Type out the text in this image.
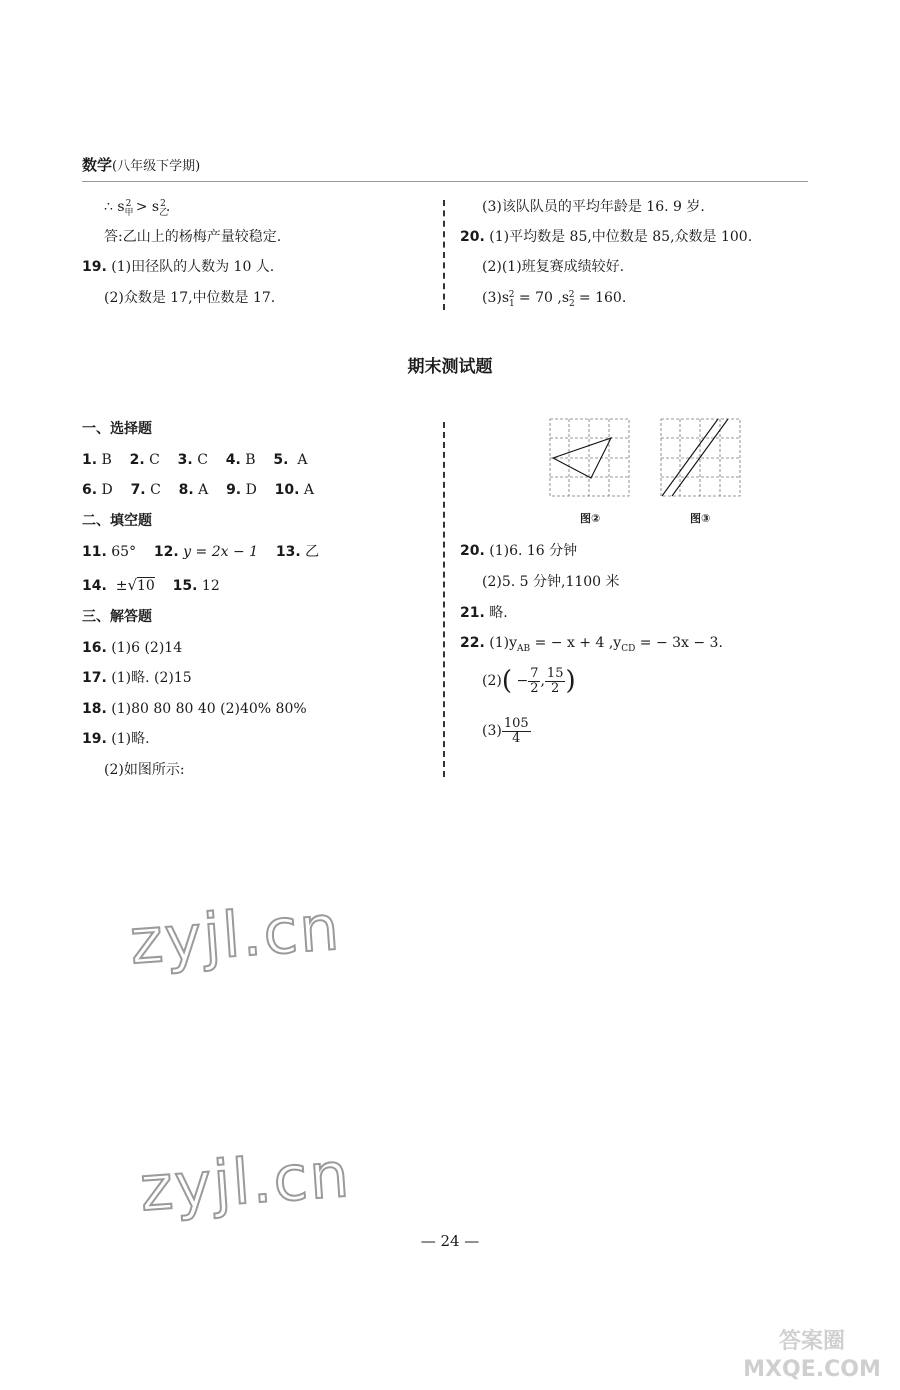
数学(八年级下学期)
∴ $s_甲^2 > s_乙^2$.
答:乙山上的杨梅产量较稳定.
19. (1)田径队的人数为 10 人.
(2)众数是 17,中位数是 17.
(3)该队队员的平均年龄是 16. 9 岁.
20. (1)平均数是 85,中位数是 85,众数是 100.
(2)(1)班复赛成绩较好.
$(3)s_1^2 = 70$ $,s_2^2 = 160$.
期末测试题
一、选择题
1. B 2. C 3. C 4. B 5. A
6. D 7. C 8. A 9. D 10. A
二、填空题
11. 65° 12. y = 2x − 1 13. 乙
14. ±√10 15. 12
三、解答题
16. (1)6 (2)14
17. (1)略. (2)15
18. (1)80 80 80 40 (2)40% 80%
19. (1)略.
(2)如图所示:
图②	图③
20. (1)6. 16 分钟
(2)5. 5 分钟,1100 米
21. 略.
22. $(1)y_{AB}$ = − x + 4 $,y_{CD}$ = − 3x − 3.
$(2)( - \frac{7}{2}$ , $\frac{15}{2}$ )
$(3) \frac{105}{4}$
zyjl.cn
zyjl.cn
— 24 —
答案圈 MXQE.COM
